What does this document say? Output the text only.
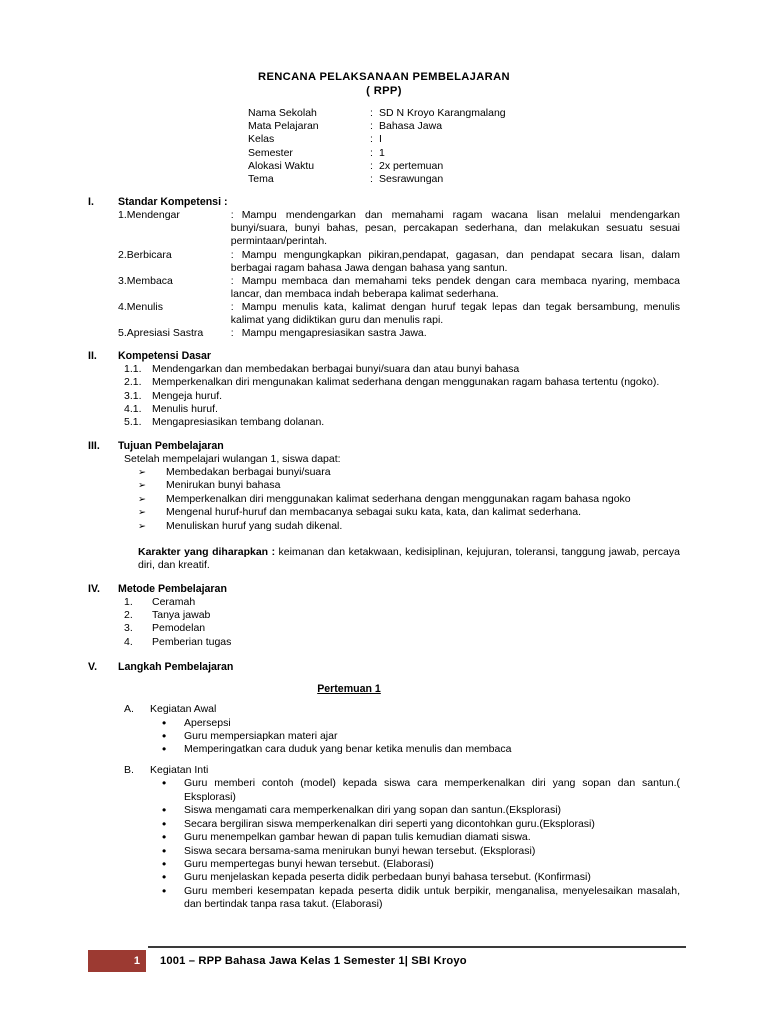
RENCANA PELAKSANAAN PEMBELAJARAN
( RPP)
Nama Sekolah	:	SD N Kroyo Karangmalang
Mata Pelajaran	:	Bahasa Jawa
Kelas	:	I
Semester	:	1
Alokasi Waktu	:	2x pertemuan
Tema	:	Sesrawungan
I.	Standar Kompetensi :
1. Mendengar	: Mampu mendengarkan dan memahami ragam wacana lisan melalui mendengarkan bunyi/suara, bunyi bahas, pesan, percakapan sederhana, dan melakukan sesuatu sesuai permintaan/perintah.
2. Berbicara	: Mampu mengungkapkan pikiran,pendapat, gagasan, dan pendapat secara lisan, dalam berbagai ragam bahasa Jawa dengan bahasa yang santun.
3. Membaca	: Mampu membaca dan memahami teks pendek dengan cara membaca nyaring, membaca lancar, dan membaca indah beberapa kalimat sederhana.
4. Menulis	: Mampu menulis kata, kalimat dengan huruf tegak lepas dan tegak bersambung, menulis kalimat yang didiktikan guru dan menulis rapi.
5. Apresiasi Sastra	: Mampu mengapresiasikan sastra Jawa.
II.	Kompetensi Dasar
1.1. Mendengarkan dan membedakan berbagai bunyi/suara dan atau bunyi bahasa
2.1. Memperkenalkan diri mengunakan kalimat sederhana dengan menggunakan ragam bahasa tertentu (ngoko).
3.1. Mengeja huruf.
4.1. Menulis huruf.
5.1. Mengapresiasikan tembang dolanan.
III.	Tujuan Pembelajaran
Setelah mempelajari wulangan 1, siswa dapat:
➢	Membedakan berbagai bunyi/suara
➢	Menirukan bunyi bahasa
➢	Memperkenalkan diri menggunakan kalimat sederhana dengan menggunakan ragam bahasa ngoko
➢	Mengenal huruf-huruf dan membacanya sebagai suku kata, kata, dan kalimat sederhana.
➢	Menuliskan huruf yang sudah dikenal.
Karakter yang diharapkan : keimanan dan ketakwaan, kedisiplinan, kejujuran, toleransi, tanggung jawab, percaya diri, dan kreatif.
IV.	Metode Pembelajaran
1.	Ceramah
2.	Tanya jawab
3.	Pemodelan
4.	Pemberian tugas
V.	Langkah Pembelajaran
Pertemuan 1
A.	Kegiatan Awal
•	Apersepsi
•	Guru mempersiapkan materi ajar
•	Memperingatkan cara duduk yang benar ketika menulis dan membaca
B.	Kegiatan Inti
•	Guru memberi contoh (model) kepada siswa cara memperkenalkan diri yang sopan dan santun.( Eksplorasi)
•	Siswa mengamati cara memperkenalkan diri yang sopan dan santun.(Eksplorasi)
•	Secara bergiliran siswa memperkenalkan diri seperti yang dicontohkan guru.(Eksplorasi)
•	Guru menempelkan gambar hewan di papan tulis kemudian diamati siswa.
•	Siswa secara bersama-sama menirukan bunyi hewan tersebut. (Eksplorasi)
•	Guru mempertegas bunyi hewan tersebut. (Elaborasi)
•	Guru menjelaskan kepada peserta didik perbedaan bunyi bahasa tersebut. (Konfirmasi)
•	Guru memberi kesempatan kepada peserta didik untuk berpikir, menganalisa, menyelesaikan masalah, dan bertindak tanpa rasa takut. (Elaborasi)
1	1001 – RPP Bahasa Jawa Kelas 1 Semester 1| SBI Kroyo
